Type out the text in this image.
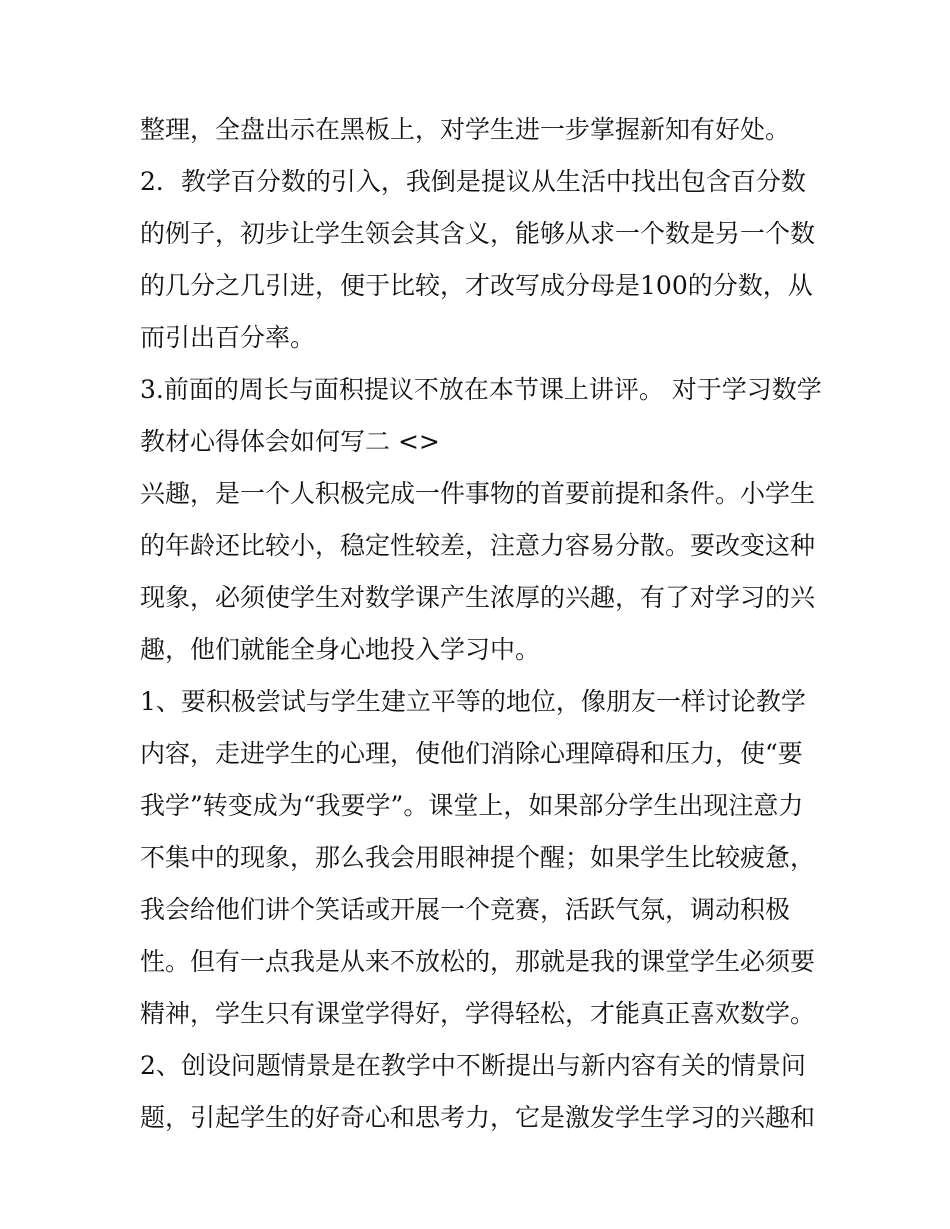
整理，全盘出示在黑板上，对学生进一步掌握新知有好处。
2．教学百分数的引入，我倒是提议从生活中找出包含百分数
的例子，初步让学生领会其含义，能够从求一个数是另一个数
的几分之几引进，便于比较，才改写成分母是100的分数，从
而引出百分率。
3.前面的周长与面积提议不放在本节课上讲评。 对于学习数学
教材心得体会如何写二 <>
兴趣，是一个人积极完成一件事物的首要前提和条件。小学生
的年龄还比较小，稳定性较差，注意力容易分散。要改变这种
现象，必须使学生对数学课产生浓厚的兴趣，有了对学习的兴
趣，他们就能全身心地投入学习中。
1、要积极尝试与学生建立平等的地位，像朋友一样讨论教学
内容，走进学生的心理，使他们消除心理障碍和压力，使“要
我学”转变成为“我要学”。课堂上，如果部分学生出现注意力
不集中的现象，那么我会用眼神提个醒；如果学生比较疲惫，
我会给他们讲个笑话或开展一个竞赛，活跃气氛，调动积极
性。但有一点我是从来不放松的，那就是我的课堂学生必须要
精神，学生只有课堂学得好，学得轻松，才能真正喜欢数学。
2、创设问题情景是在教学中不断提出与新内容有关的情景问
题，引起学生的好奇心和思考力，它是激发学生学习的兴趣和
